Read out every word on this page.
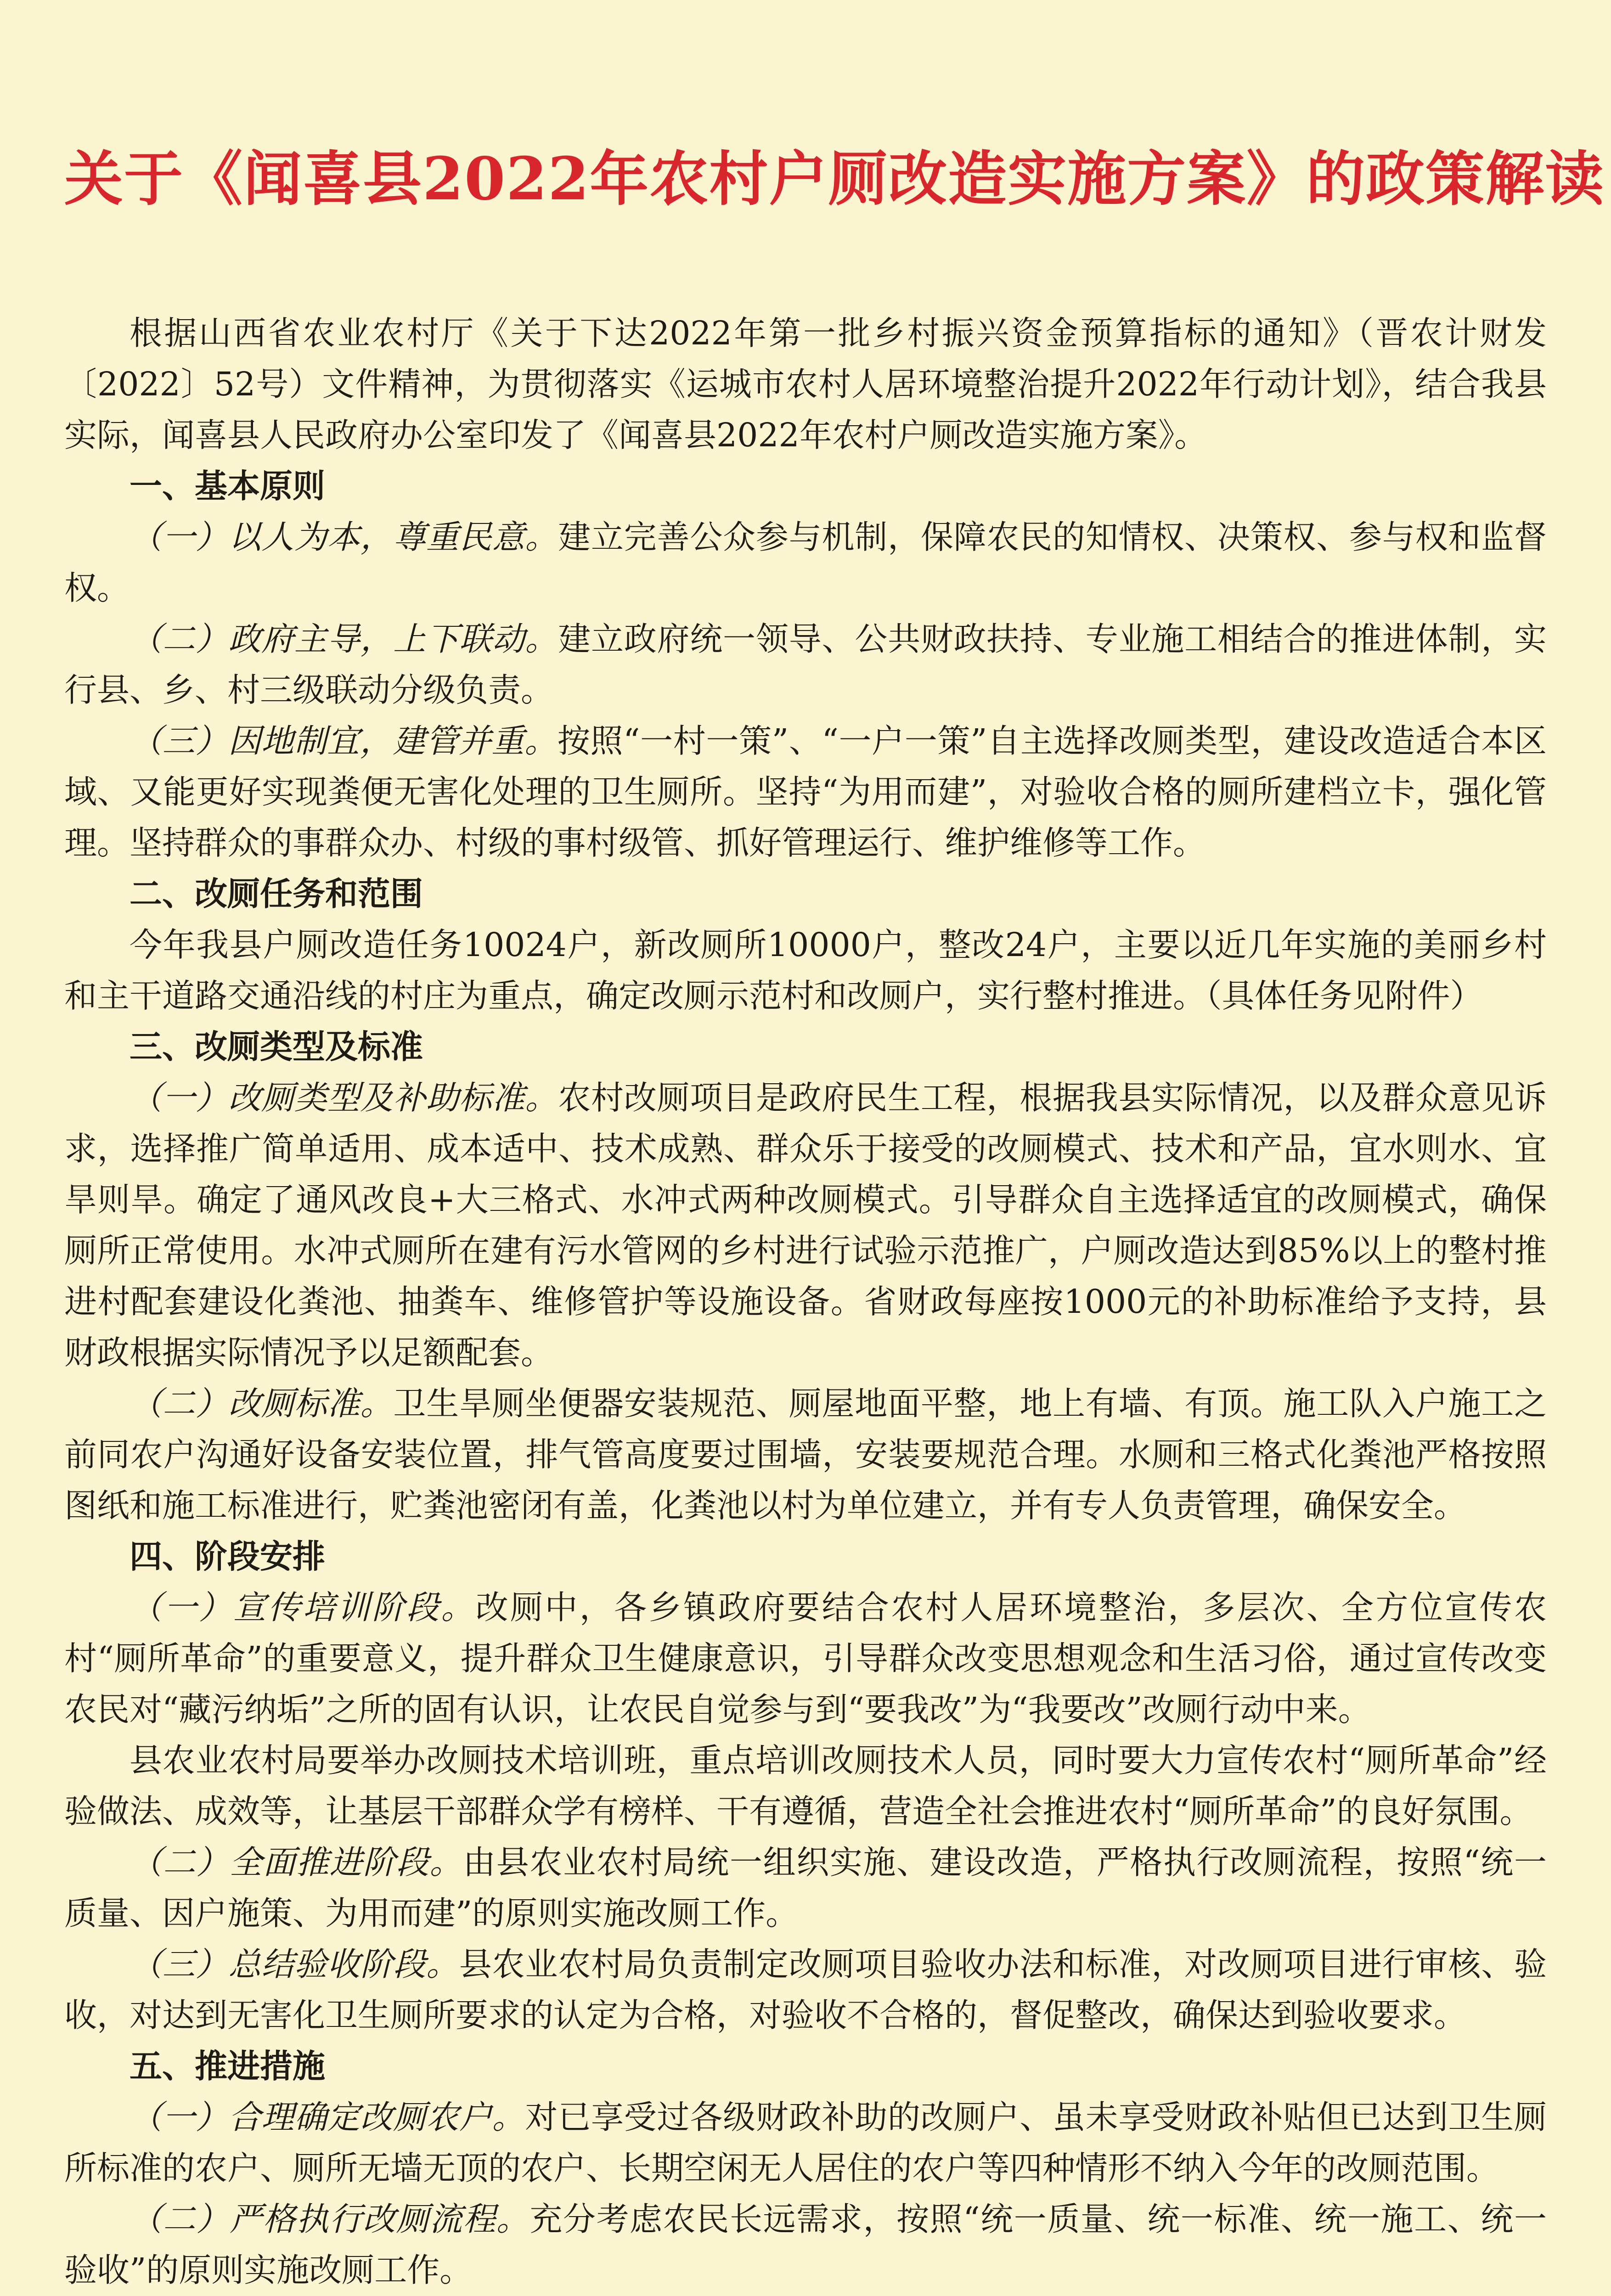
关于《闻喜县2022年农村户厕改造实施方案》的政策解读

根据山西省农业农村厅《关于下达2022年第一批乡村振兴资金预算指标的通知》（晋农计财发〔2022〕52号）文件精神，为贯彻落实《运城市农村人居环境整治提升2022年行动计划》，结合我县实际，闻喜县人民政府办公室印发了《闻喜县2022年农村户厕改造实施方案》。

一、基本原则

（一）以人为本，尊重民意。建立完善公众参与机制，保障农民的知情权、决策权、参与权和监督权。

（二）政府主导，上下联动。建立政府统一领导、公共财政扶持、专业施工相结合的推进体制，实行县、乡、村三级联动分级负责。

（三）因地制宜，建管并重。按照“一村一策”、“一户一策”自主选择改厕类型，建设改造适合本区域、又能更好实现粪便无害化处理的卫生厕所。坚持“为用而建”，对验收合格的厕所建档立卡，强化管理。坚持群众的事群众办、村级的事村级管、抓好管理运行、维护维修等工作。

二、改厕任务和范围

今年我县户厕改造任务10024户，新改厕所10000户，整改24户，主要以近几年实施的美丽乡村和主干道路交通沿线的村庄为重点，确定改厕示范村和改厕户，实行整村推进。（具体任务见附件）

三、改厕类型及标准

（一）改厕类型及补助标准。农村改厕项目是政府民生工程，根据我县实际情况，以及群众意见诉求，选择推广简单适用、成本适中、技术成熟、群众乐于接受的改厕模式、技术和产品，宜水则水、宜旱则旱。确定了通风改良+大三格式、水冲式两种改厕模式。引导群众自主选择适宜的改厕模式，确保厕所正常使用。水冲式厕所在建有污水管网的乡村进行试验示范推广，户厕改造达到85%以上的整村推进村配套建设化粪池、抽粪车、维修管护等设施设备。省财政每座按1000元的补助标准给予支持，县财政根据实际情况予以足额配套。

（二）改厕标准。卫生旱厕坐便器安装规范、厕屋地面平整，地上有墙、有顶。施工队入户施工之前同农户沟通好设备安装位置，排气管高度要过围墙，安装要规范合理。水厕和三格式化粪池严格按照图纸和施工标准进行，贮粪池密闭有盖，化粪池以村为单位建立，并有专人负责管理，确保安全。

四、阶段安排

（一）宣传培训阶段。改厕中，各乡镇政府要结合农村人居环境整治，多层次、全方位宣传农村“厕所革命”的重要意义，提升群众卫生健康意识，引导群众改变思想观念和生活习俗，通过宣传改变农民对“藏污纳垢”之所的固有认识，让农民自觉参与到“要我改”为“我要改”改厕行动中来。

县农业农村局要举办改厕技术培训班，重点培训改厕技术人员，同时要大力宣传农村“厕所革命”经验做法、成效等，让基层干部群众学有榜样、干有遵循，营造全社会推进农村“厕所革命”的良好氛围。

（二）全面推进阶段。由县农业农村局统一组织实施、建设改造，严格执行改厕流程，按照“统一质量、因户施策、为用而建”的原则实施改厕工作。

（三）总结验收阶段。县农业农村局负责制定改厕项目验收办法和标准，对改厕项目进行审核、验收，对达到无害化卫生厕所要求的认定为合格，对验收不合格的，督促整改，确保达到验收要求。

五、推进措施

（一）合理确定改厕农户。对已享受过各级财政补助的改厕户、虽未享受财政补贴但已达到卫生厕所标准的农户、厕所无墙无顶的农户、长期空闲无人居住的农户等四种情形不纳入今年的改厕范围。

（二）严格执行改厕流程。充分考虑农民长远需求，按照“统一质量、统一标准、统一施工、统一验收”的原则实施改厕工作。
